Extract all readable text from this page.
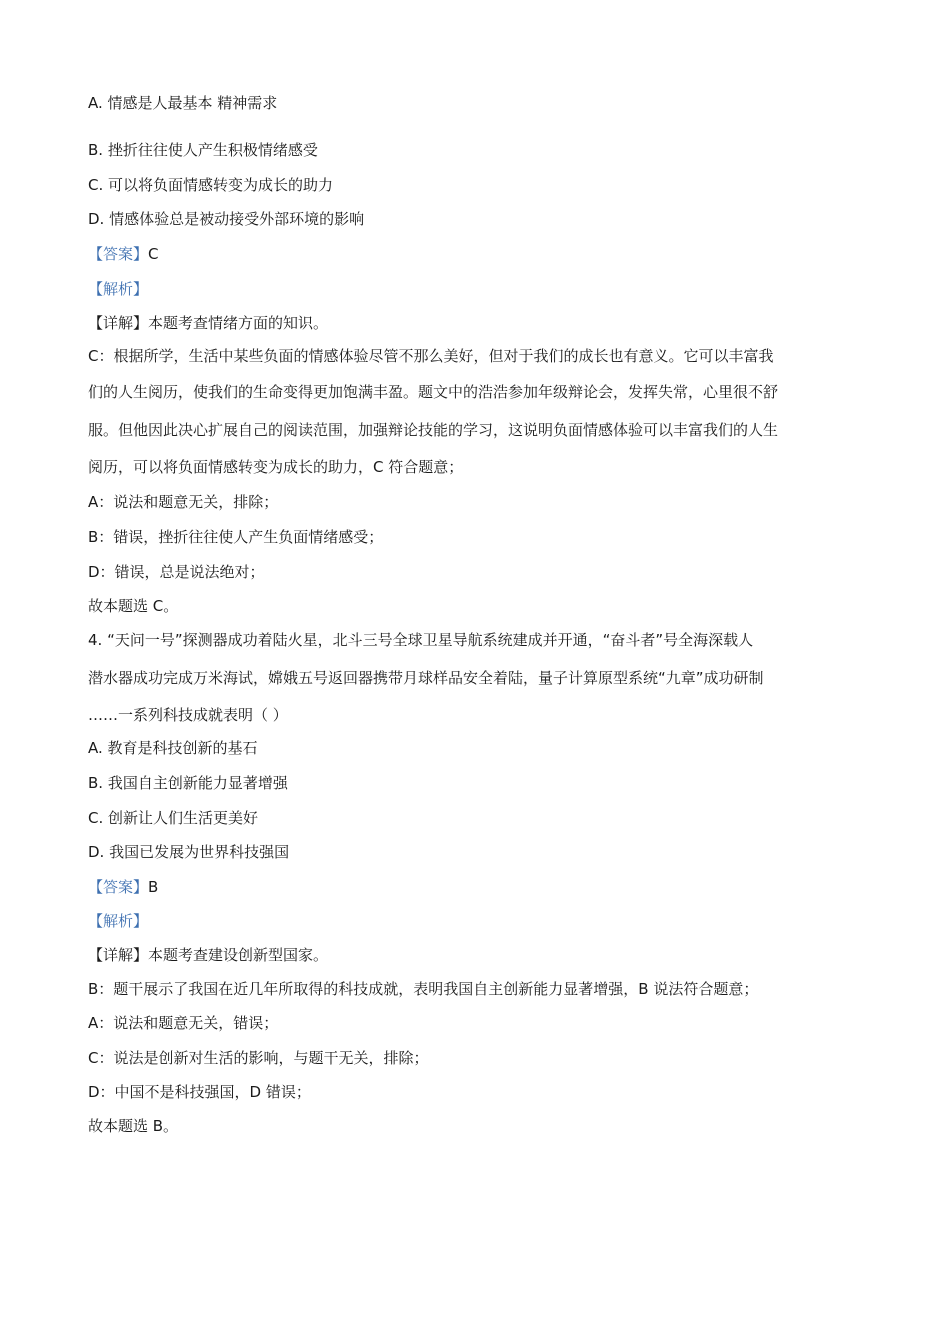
A. 情感是人最基本 精神需求
B. 挫折往往使人产生积极情绪感受
C. 可以将负面情感转变为成长的助力
D. 情感体验总是被动接受外部环境的影响
【答案】C
【解析】
【详解】本题考查情绪方面的知识。
C：根据所学，生活中某些负面的情感体验尽管不那么美好，但对于我们的成长也有意义。它可以丰富我
们的人生阅历，使我们的生命变得更加饱满丰盈。题文中的浩浩参加年级辩论会，发挥失常，心里很不舒
服。但他因此决心扩展自己的阅读范围，加强辩论技能的学习，这说明负面情感体验可以丰富我们的人生
阅历，可以将负面情感转变为成长的助力，C 符合题意；
A：说法和题意无关，排除；
B：错误，挫折往往使人产生负面情绪感受；
D：错误，总是说法绝对；
故本题选 C。
4. “天问一号”探测器成功着陆火星，北斗三号全球卫星导航系统建成并开通，“奋斗者”号全海深载人
潜水器成功完成万米海试，嫦娥五号返回器携带月球样品安全着陆，量子计算原型系统“九章”成功研制
……一系列科技成就表明（ ）
A. 教育是科技创新的基石
B. 我国自主创新能力显著增强
C. 创新让人们生活更美好
D. 我国已发展为世界科技强国
【答案】B
【解析】
【详解】本题考查建设创新型国家。
B：题干展示了我国在近几年所取得的科技成就，表明我国自主创新能力显著增强，B 说法符合题意；
A：说法和题意无关，错误；
C：说法是创新对生活的影响，与题干无关，排除；
D：中国不是科技强国，D 错误；
故本题选 B。
